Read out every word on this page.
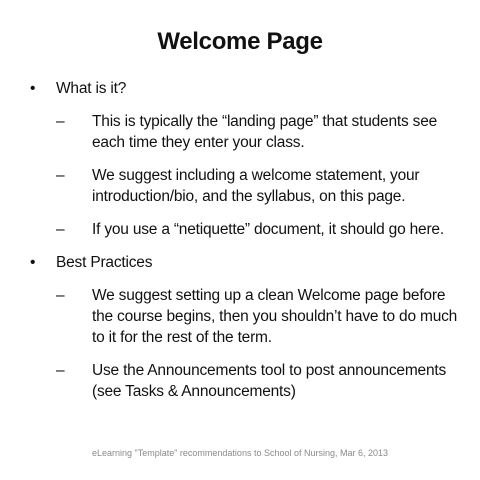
Welcome Page
• What is it?
– This is typically the “landing page” that students see each time they enter your class.
– We suggest including a welcome statement, your introduction/bio, and the syllabus, on this page.
– If you use a “netiquette” document, it should go here.
• Best Practices
– We suggest setting up a clean Welcome page before the course begins, then you shouldn’t have to do much to it for the rest of the term.
– Use the Announcements tool to post announcements (see Tasks & Announcements)
eLearning "Template" recommendations to School of Nursing, Mar 6, 2013
